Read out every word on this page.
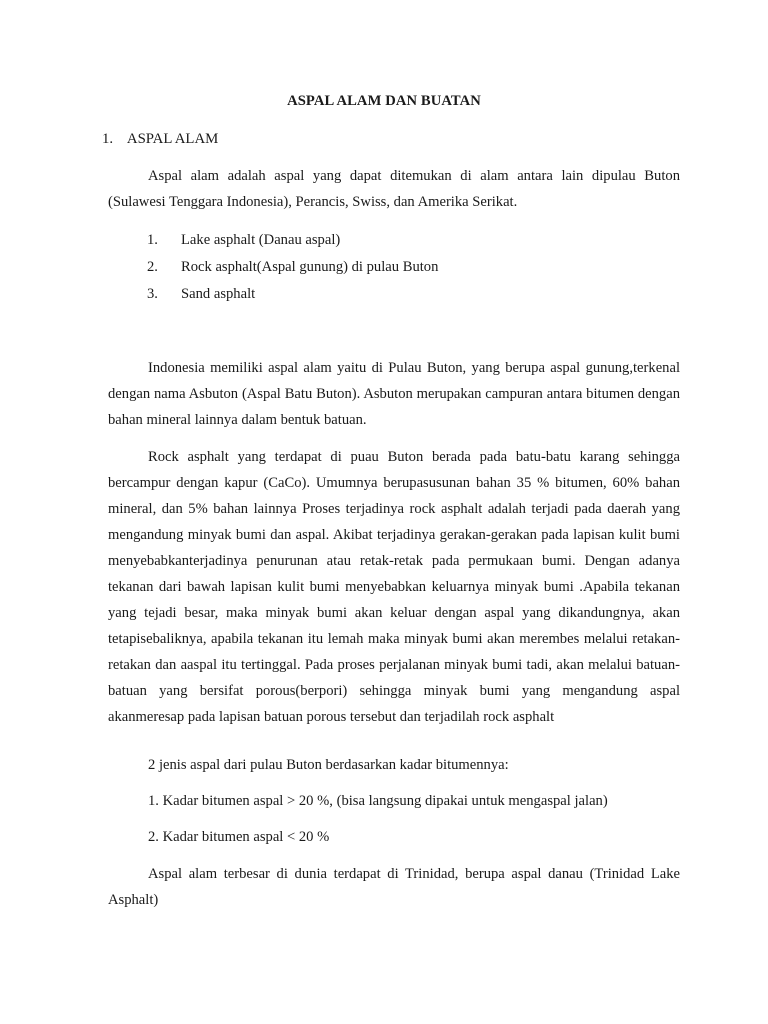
ASPAL ALAM DAN BUATAN
1. ASPAL ALAM

Aspal alam adalah aspal yang dapat ditemukan di alam antara lain dipulau Buton (Sulawesi Tenggara Indonesia), Perancis, Swiss, dan Amerika Serikat.

1. Lake asphalt (Danau aspal)
2. Rock asphalt(Aspal gunung) di pulau Buton
3. Sand asphalt

Indonesia memiliki aspal alam yaitu di Pulau Buton, yang berupa aspal gunung,terkenal dengan nama Asbuton (Aspal Batu Buton). Asbuton merupakan campuran antara bitumen dengan bahan mineral lainnya dalam bentuk batuan.

Rock asphalt yang terdapat di puau Buton berada pada batu-batu karang sehingga bercampur dengan kapur (CaCo). Umumnya berupasusunan bahan 35 % bitumen, 60% bahan mineral, dan 5% bahan lainnya Proses terjadinya rock asphalt adalah terjadi pada daerah yang mengandung minyak bumi dan aspal. Akibat terjadinya gerakan-gerakan pada lapisan kulit bumi menyebabkanterjadinya penurunan atau retak-retak pada permukaan bumi. Dengan adanya tekanan dari bawah lapisan kulit bumi menyebabkan keluarnya minyak bumi .Apabila tekanan yang tejadi besar, maka minyak bumi akan keluar dengan aspal yang dikandungnya, akan tetapisebaliknya, apabila tekanan itu lemah maka minyak bumi akan merembes melalui retakan-retakan dan aaspal itu tertinggal. Pada proses perjalanan minyak bumi tadi, akan melalui batuan-batuan yang bersifat porous(berpori) sehingga minyak bumi yang mengandung aspal akanmeresap pada lapisan batuan porous tersebut dan terjadilah rock asphalt

2 jenis aspal dari pulau Buton berdasarkan kadar bitumennya:

1. Kadar bitumen aspal > 20 %, (bisa langsung dipakai untuk mengaspal jalan)

2. Kadar bitumen aspal < 20 %

Aspal alam terbesar di dunia terdapat di Trinidad, berupa aspal danau (Trinidad Lake Asphalt)
